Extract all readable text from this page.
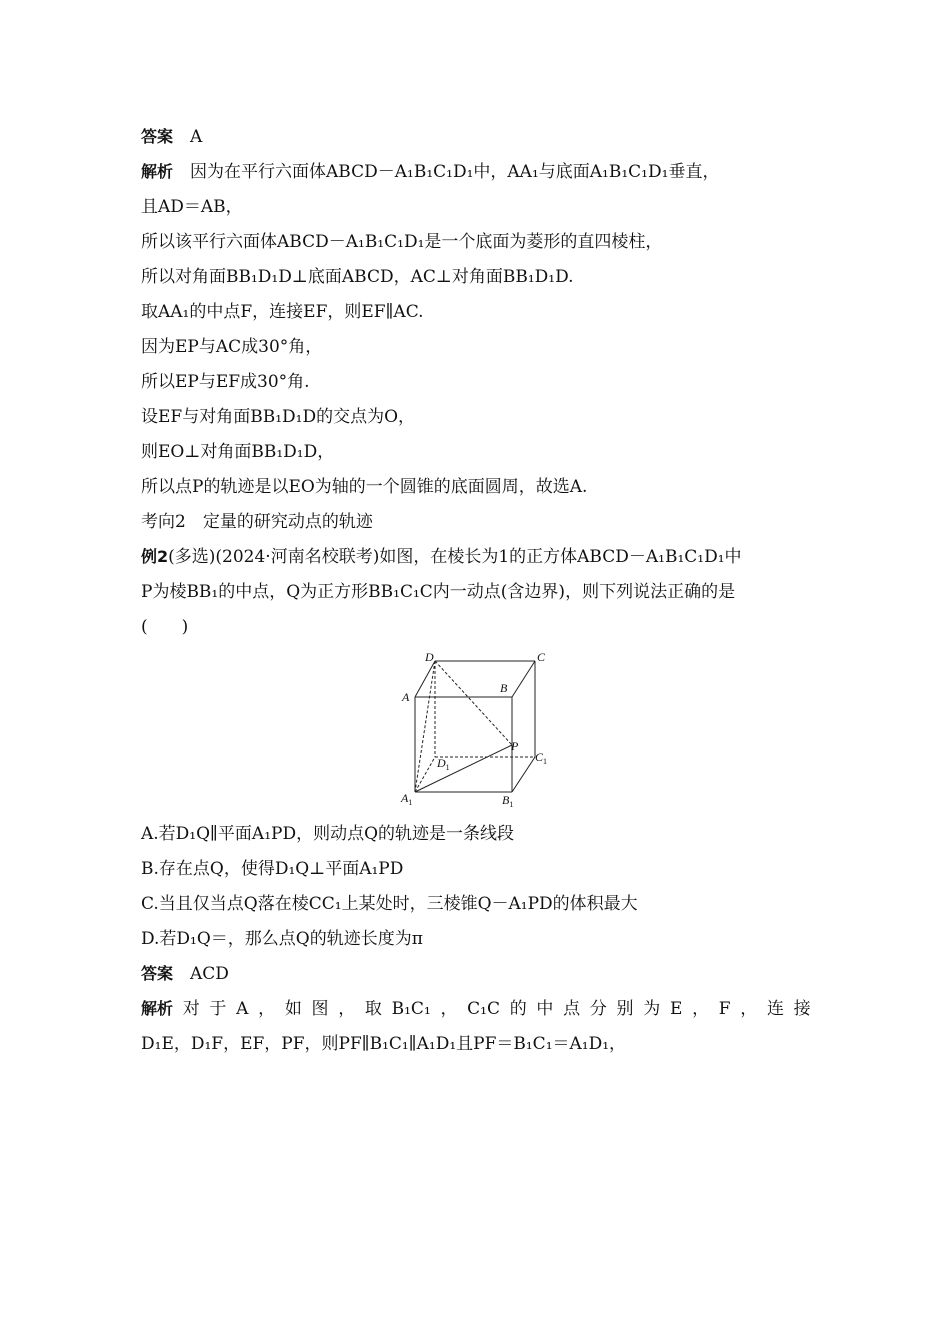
答案　 A
解析　 因为在平行六面体ABCD－A₁B₁C₁D₁中，AA₁与底面A₁B₁C₁D₁垂直，
且AD＝AB，
所以该平行六面体ABCD－A₁B₁C₁D₁是一个底面为菱形的直四棱柱，
所以对角面BB₁D₁D⊥底面ABCD，AC⊥对角面BB₁D₁D.
取AA₁的中点F，连接EF，则EF∥AC.
因为EP与AC成30°角，
所以EP与EF成30°角.
设EF与对角面BB₁D₁D的交点为O，
则EO⊥对角面BB₁D₁D，
所以点P的轨迹是以EO为轴的一个圆锥的底面圆周，故选A.
考向2　定量的研究动点的轨迹
例2(多选)(2024·河南名校联考)如图，在棱长为1的正方体ABCD－A₁B₁C₁D₁中
P为棱BB₁的中点，Q为正方形BB₁C₁C内一动点(含边界)，则下列说法正确的是
(　　)
D	C
A
B
P
$C_1$
$D_1$
$A_1$	$B_1$
A.若D₁Q∥平面A₁PD，则动点Q的轨迹是一条线段
B.存在点Q，使得D₁Q⊥平面A₁PD
C.当且仅当点Q落在棱CC₁上某处时，三棱锥Q－A₁PD的体积最大
D.若D₁Q＝，那么点Q的轨迹长度为π
答案　 ACD
解析 对 于 A ， 如 图 ， 取 B₁C₁ ， C₁C 的 中 点 分 别 为 E ， F ， 连 接
D₁E，D₁F，EF，PF，则PF∥B₁C₁∥A₁D₁且PF＝B₁C₁＝A₁D₁，
